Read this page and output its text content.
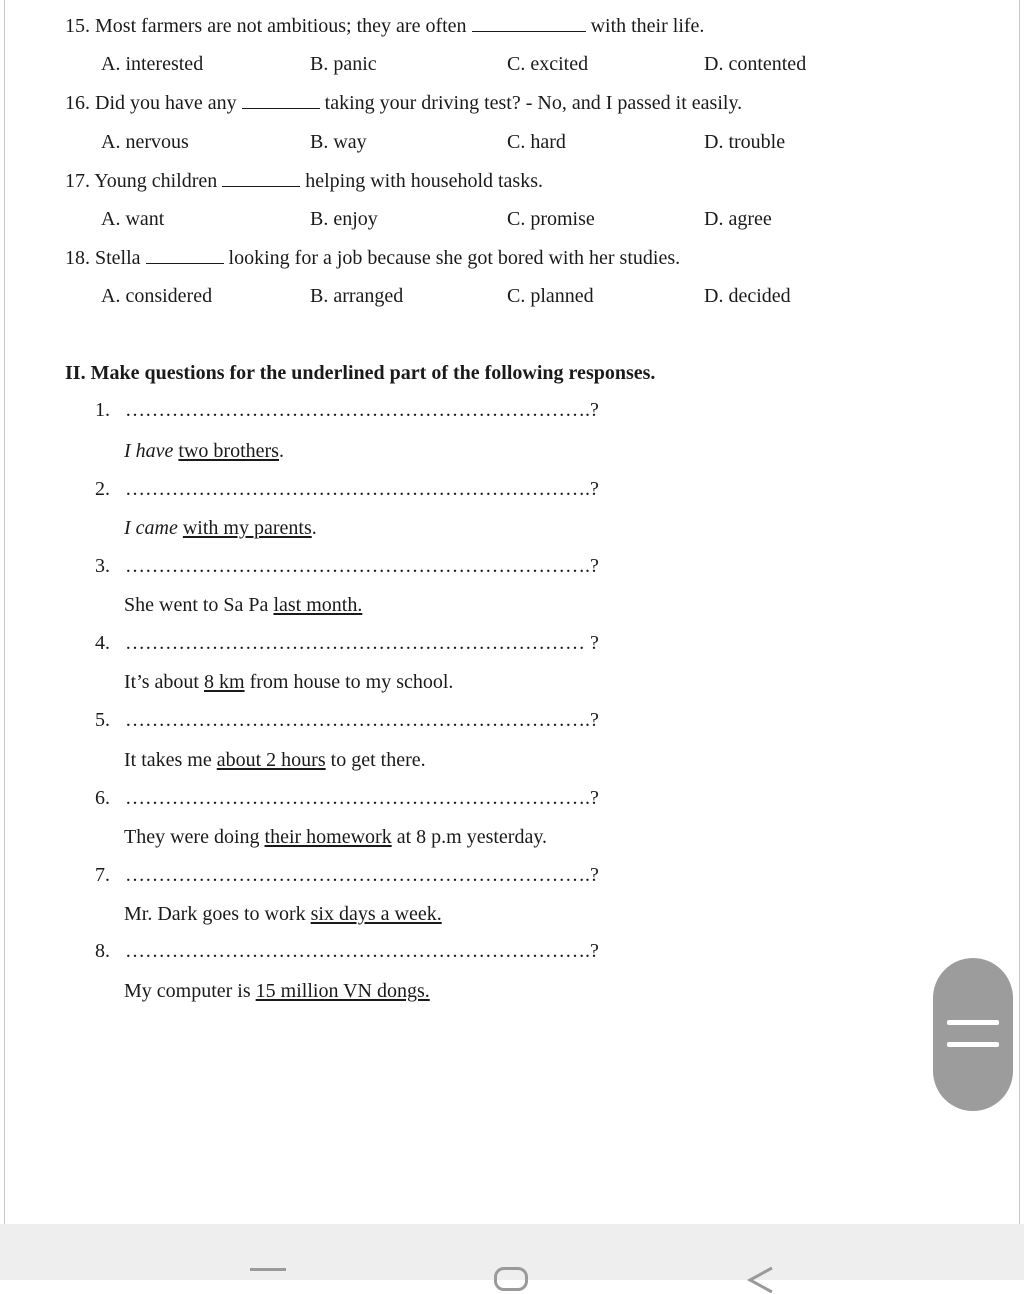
15. Most farmers are not ambitious; they are often	with their life.
A. interested	B. panic	C. excited	D. contented
16. Did you have any	taking your driving test? - No, and I passed it easily.
A. nervous	B. way	C. hard	D. trouble
17. Young children	helping with household tasks.
A. want	B. enjoy	C. promise	D. agree
18. Stella	looking for a job because she got bored with her studies.
A. considered	B. arranged	C. planned	D. decided
II. Make questions for the underlined part of the following responses.
1. …………………………………………………………….?
I have two brothers.
2. …………………………………………………………….?
I came with my parents.
3. …………………………………………………………….?
She went to Sa Pa last month.
4. …………………………………………………………… ?
It’s about 8 km from house to my school.
5. …………………………………………………………….?
It takes me about 2 hours to get there.
6. …………………………………………………………….?
They were doing their homework at 8 p.m yesterday.
7. …………………………………………………………….?
Mr. Dark goes to work six days a week.
8. …………………………………………………………….?
My computer is 15 million VN dongs.
